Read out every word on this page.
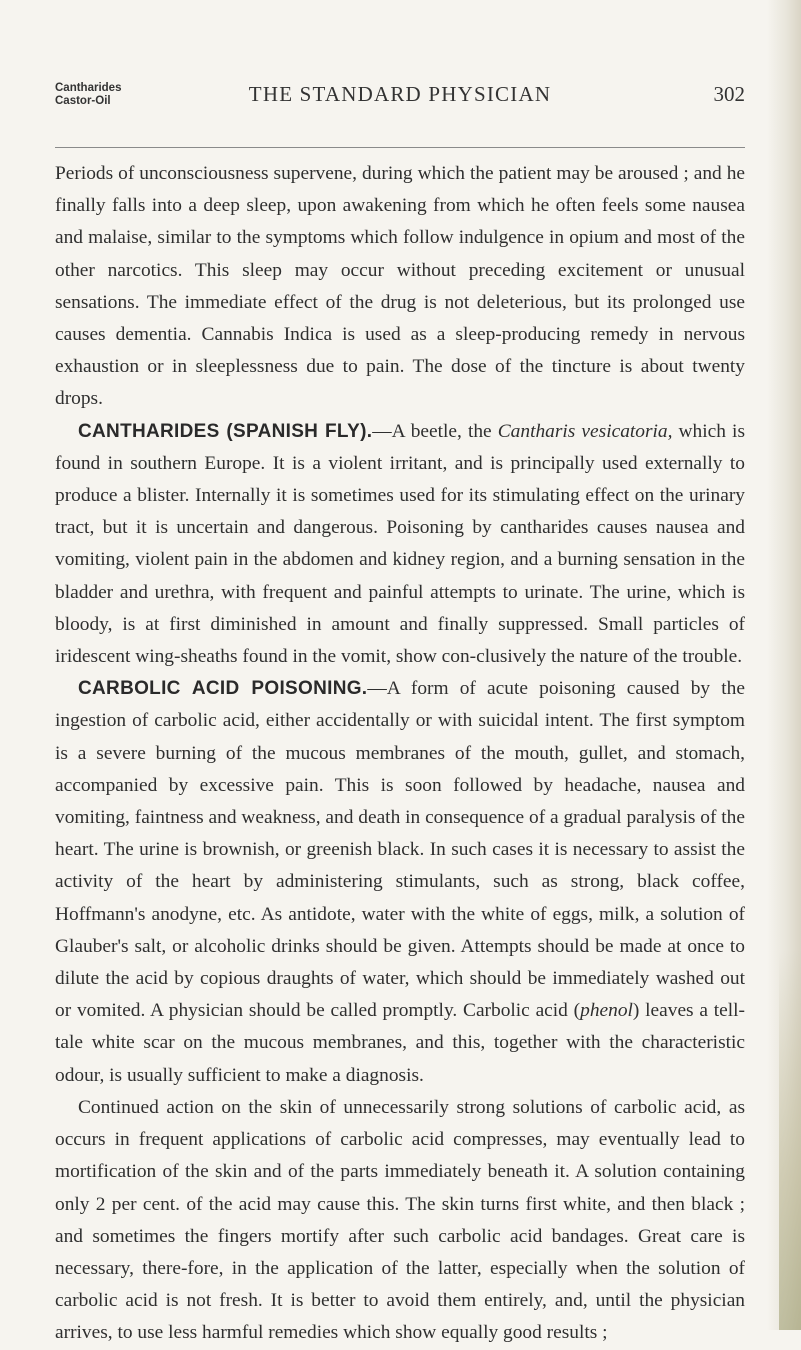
Cantharides
Castor-Oil	THE STANDARD PHYSICIAN	302

Periods of unconsciousness supervene, during which the patient may be aroused ; and he finally falls into a deep sleep, upon awakening from which he often feels some nausea and malaise, similar to the symptoms which follow indulgence in opium and most of the other narcotics. This sleep may occur without preceding excitement or unusual sensations. The immediate effect of the drug is not deleterious, but its prolonged use causes dementia. Cannabis Indica is used as a sleep-producing remedy in nervous exhaustion or in sleeplessness due to pain. The dose of the tincture is about twenty drops.

CANTHARIDES (SPANISH FLY).—A beetle, the Cantharis vesicatoria, which is found in southern Europe. It is a violent irritant, and is principally used externally to produce a blister. Internally it is sometimes used for its stimulating effect on the urinary tract, but it is uncertain and dangerous. Poisoning by cantharides causes nausea and vomiting, violent pain in the abdomen and kidney region, and a burning sensation in the bladder and urethra, with frequent and painful attempts to urinate. The urine, which is bloody, is at first diminished in amount and finally suppressed. Small particles of iridescent wing-sheaths found in the vomit, show con-clusively the nature of the trouble.

CARBOLIC ACID POISONING.—A form of acute poisoning caused by the ingestion of carbolic acid, either accidentally or with suicidal intent. The first symptom is a severe burning of the mucous membranes of the mouth, gullet, and stomach, accompanied by excessive pain. This is soon followed by headache, nausea and vomiting, faintness and weakness, and death in consequence of a gradual paralysis of the heart. The urine is brownish, or greenish black. In such cases it is necessary to assist the activity of the heart by administering stimulants, such as strong, black coffee, Hoffmann's anodyne, etc. As antidote, water with the white of eggs, milk, a solution of Glauber's salt, or alcoholic drinks should be given. Attempts should be made at once to dilute the acid by copious draughts of water, which should be immediately washed out or vomited. A physician should be called promptly. Carbolic acid (phenol) leaves a tell-tale white scar on the mucous membranes, and this, together with the characteristic odour, is usually sufficient to make a diagnosis.

Continued action on the skin of unnecessarily strong solutions of carbolic acid, as occurs in frequent applications of carbolic acid compresses, may eventually lead to mortification of the skin and of the parts immediately beneath it. A solution containing only 2 per cent. of the acid may cause this. The skin turns first white, and then black ; and sometimes the fingers mortify after such carbolic acid bandages. Great care is necessary, there-fore, in the application of the latter, especially when the solution of carbolic acid is not fresh. It is better to avoid them entirely, and, until the physician arrives, to use less harmful remedies which show equally good results ;
